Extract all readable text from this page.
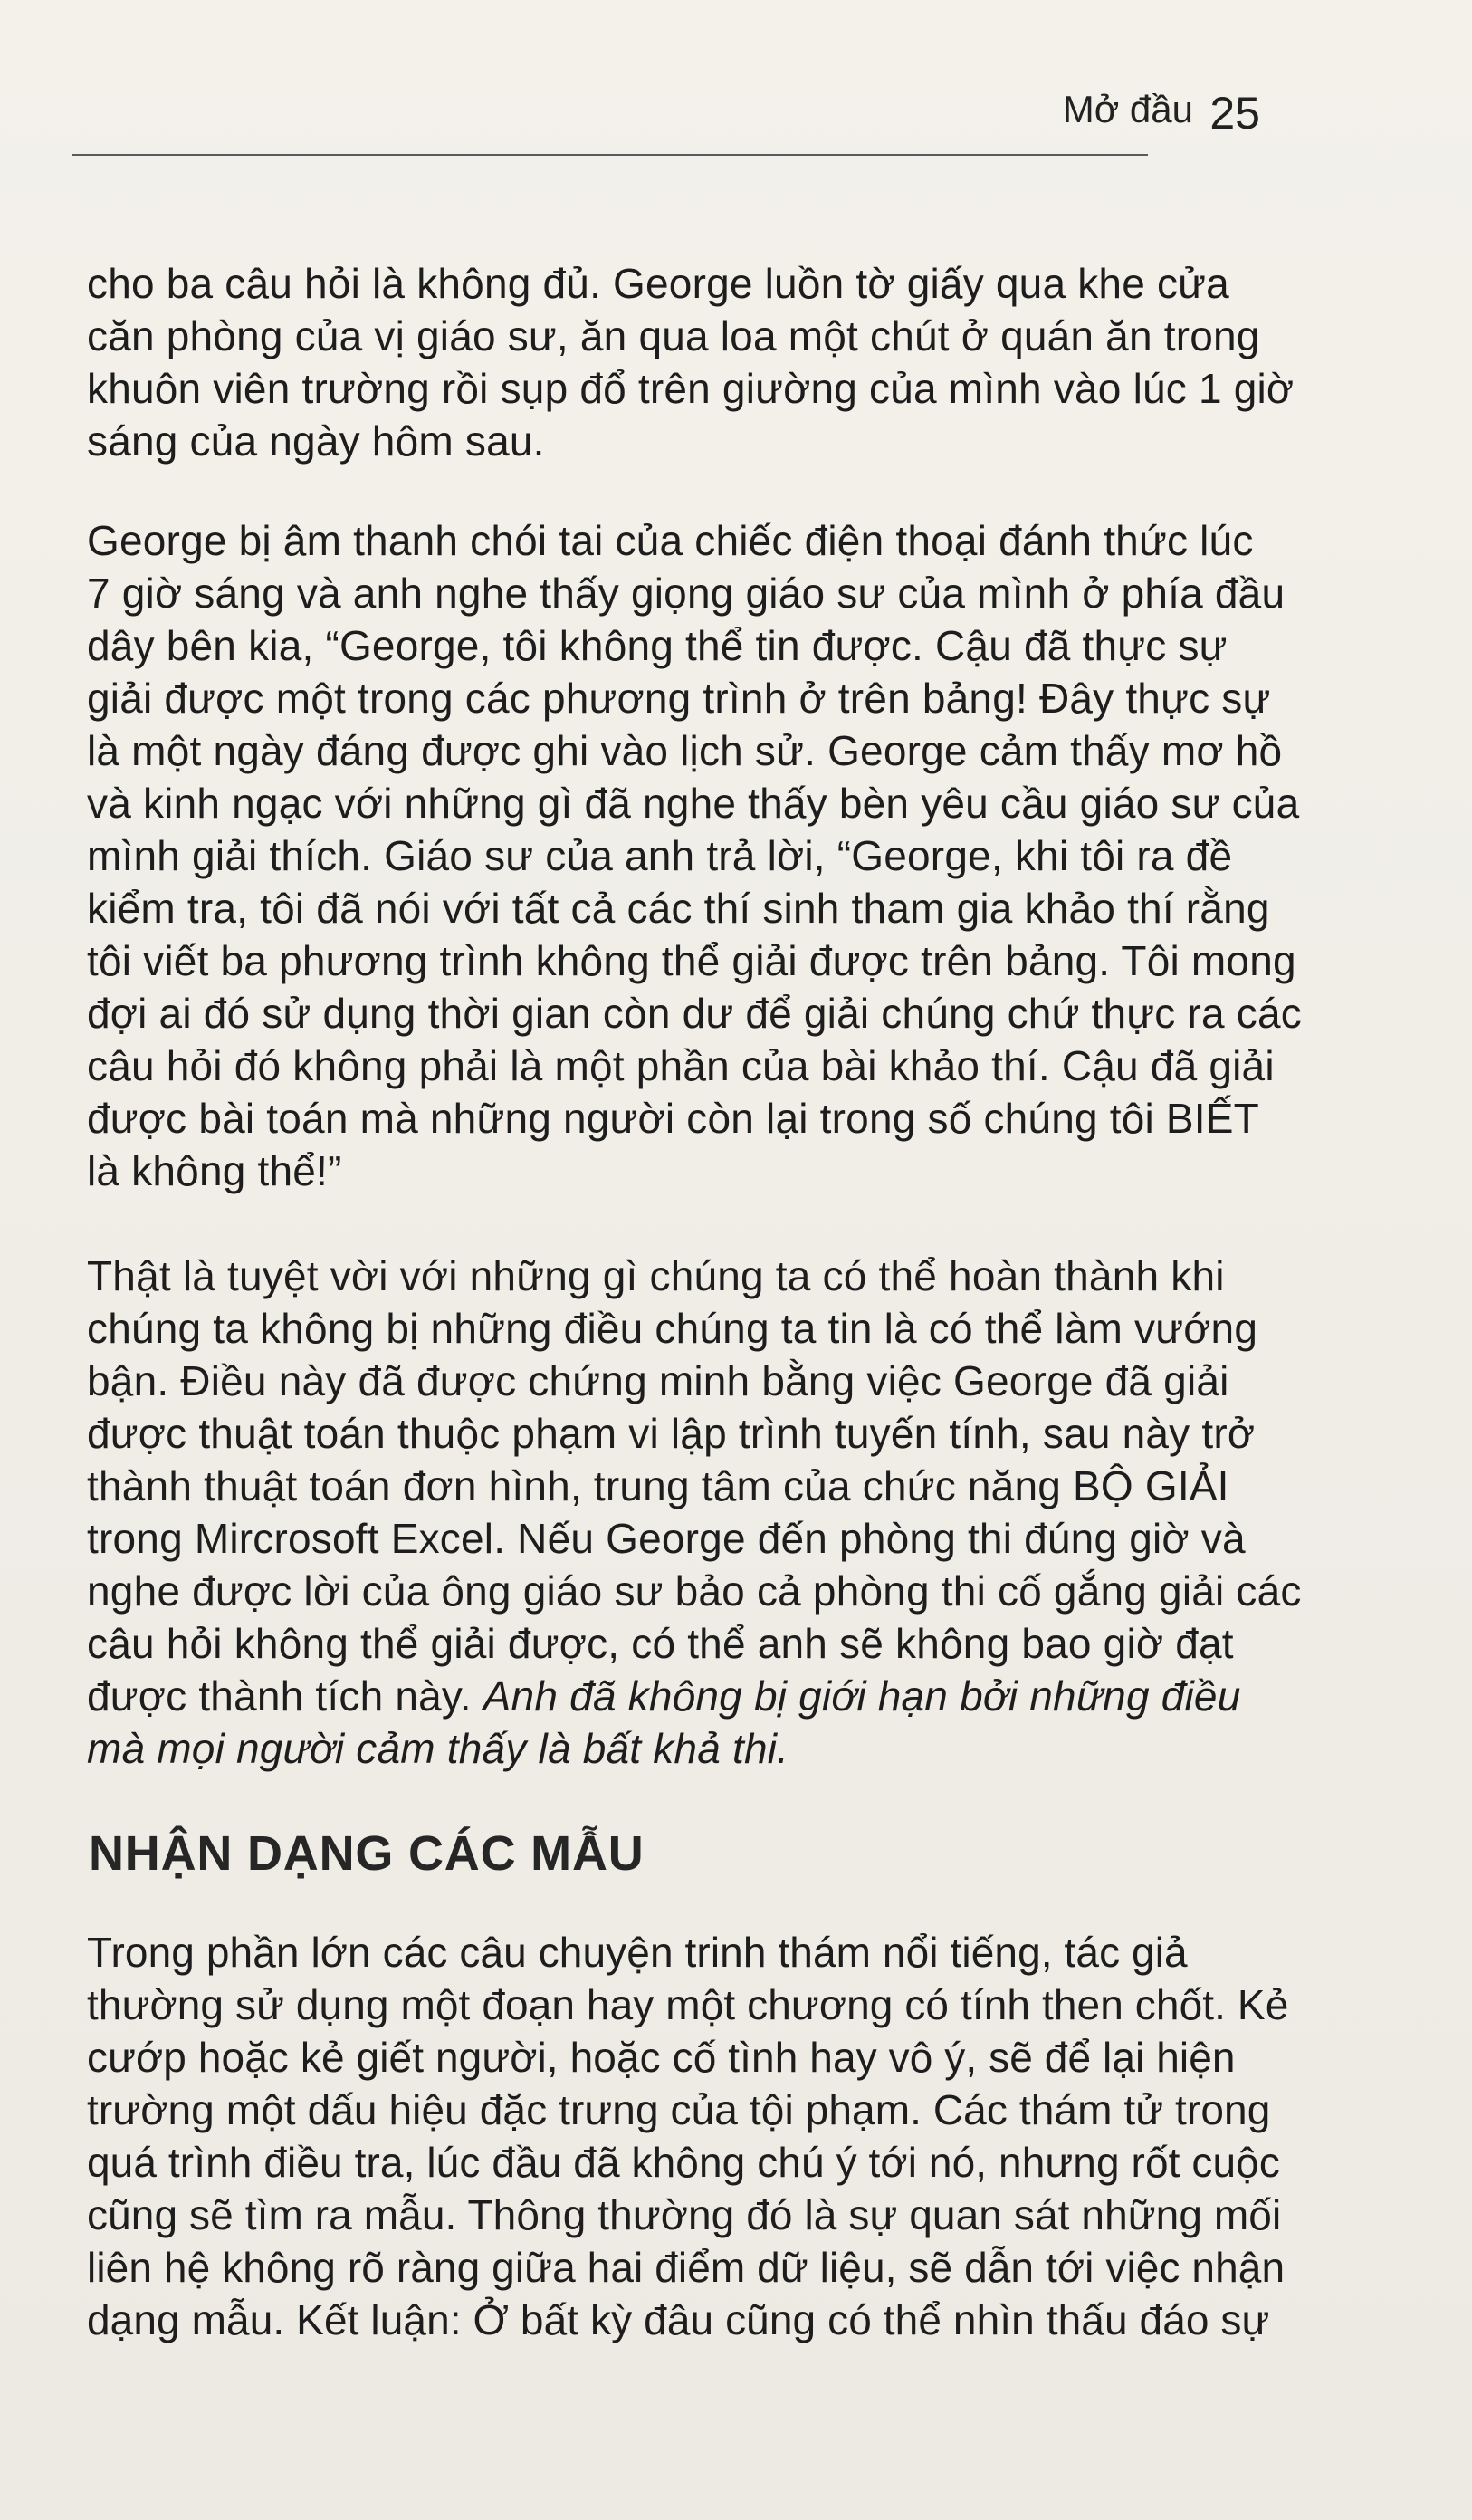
Mở đầu 25

cho ba câu hỏi là không đủ. George luồn tờ giấy qua khe cửa
căn phòng của vị giáo sư, ăn qua loa một chút ở quán ăn trong
khuôn viên trường rồi sụp đổ trên giường của mình vào lúc 1 giờ
sáng của ngày hôm sau.

George bị âm thanh chói tai của chiếc điện thoại đánh thức lúc
7 giờ sáng và anh nghe thấy giọng giáo sư của mình ở phía đầu
dây bên kia, “George, tôi không thể tin được. Cậu đã thực sự
giải được một trong các phương trình ở trên bảng! Đây thực sự
là một ngày đáng được ghi vào lịch sử. George cảm thấy mơ hồ
và kinh ngạc với những gì đã nghe thấy bèn yêu cầu giáo sư của
mình giải thích. Giáo sư của anh trả lời, “George, khi tôi ra đề
kiểm tra, tôi đã nói với tất cả các thí sinh tham gia khảo thí rằng
tôi viết ba phương trình không thể giải được trên bảng. Tôi mong
đợi ai đó sử dụng thời gian còn dư để giải chúng chứ thực ra các
câu hỏi đó không phải là một phần của bài khảo thí. Cậu đã giải
được bài toán mà những người còn lại trong số chúng tôi BIẾT
là không thể!”

Thật là tuyệt vời với những gì chúng ta có thể hoàn thành khi
chúng ta không bị những điều chúng ta tin là có thể làm vướng
bận. Điều này đã được chứng minh bằng việc George đã giải
được thuật toán thuộc phạm vi lập trình tuyến tính, sau này trở
thành thuật toán đơn hình, trung tâm của chức năng BỘ GIẢI
trong Mircrosoft Excel. Nếu George đến phòng thi đúng giờ và
nghe được lời của ông giáo sư bảo cả phòng thi cố gắng giải các
câu hỏi không thể giải được, có thể anh sẽ không bao giờ đạt
được thành tích này. Anh đã không bị giới hạn bởi những điều
mà mọi người cảm thấy là bất khả thi.

NHẬN DẠNG CÁC MẪU

Trong phần lớn các câu chuyện trinh thám nổi tiếng, tác giả
thường sử dụng một đoạn hay một chương có tính then chốt. Kẻ
cướp hoặc kẻ giết người, hoặc cố tình hay vô ý, sẽ để lại hiện
trường một dấu hiệu đặc trưng của tội phạm. Các thám tử trong
quá trình điều tra, lúc đầu đã không chú ý tới nó, nhưng rốt cuộc
cũng sẽ tìm ra mẫu. Thông thường đó là sự quan sát những mối
liên hệ không rõ ràng giữa hai điểm dữ liệu, sẽ dẫn tới việc nhận
dạng mẫu. Kết luận: Ở bất kỳ đâu cũng có thể nhìn thấu đáo sự
